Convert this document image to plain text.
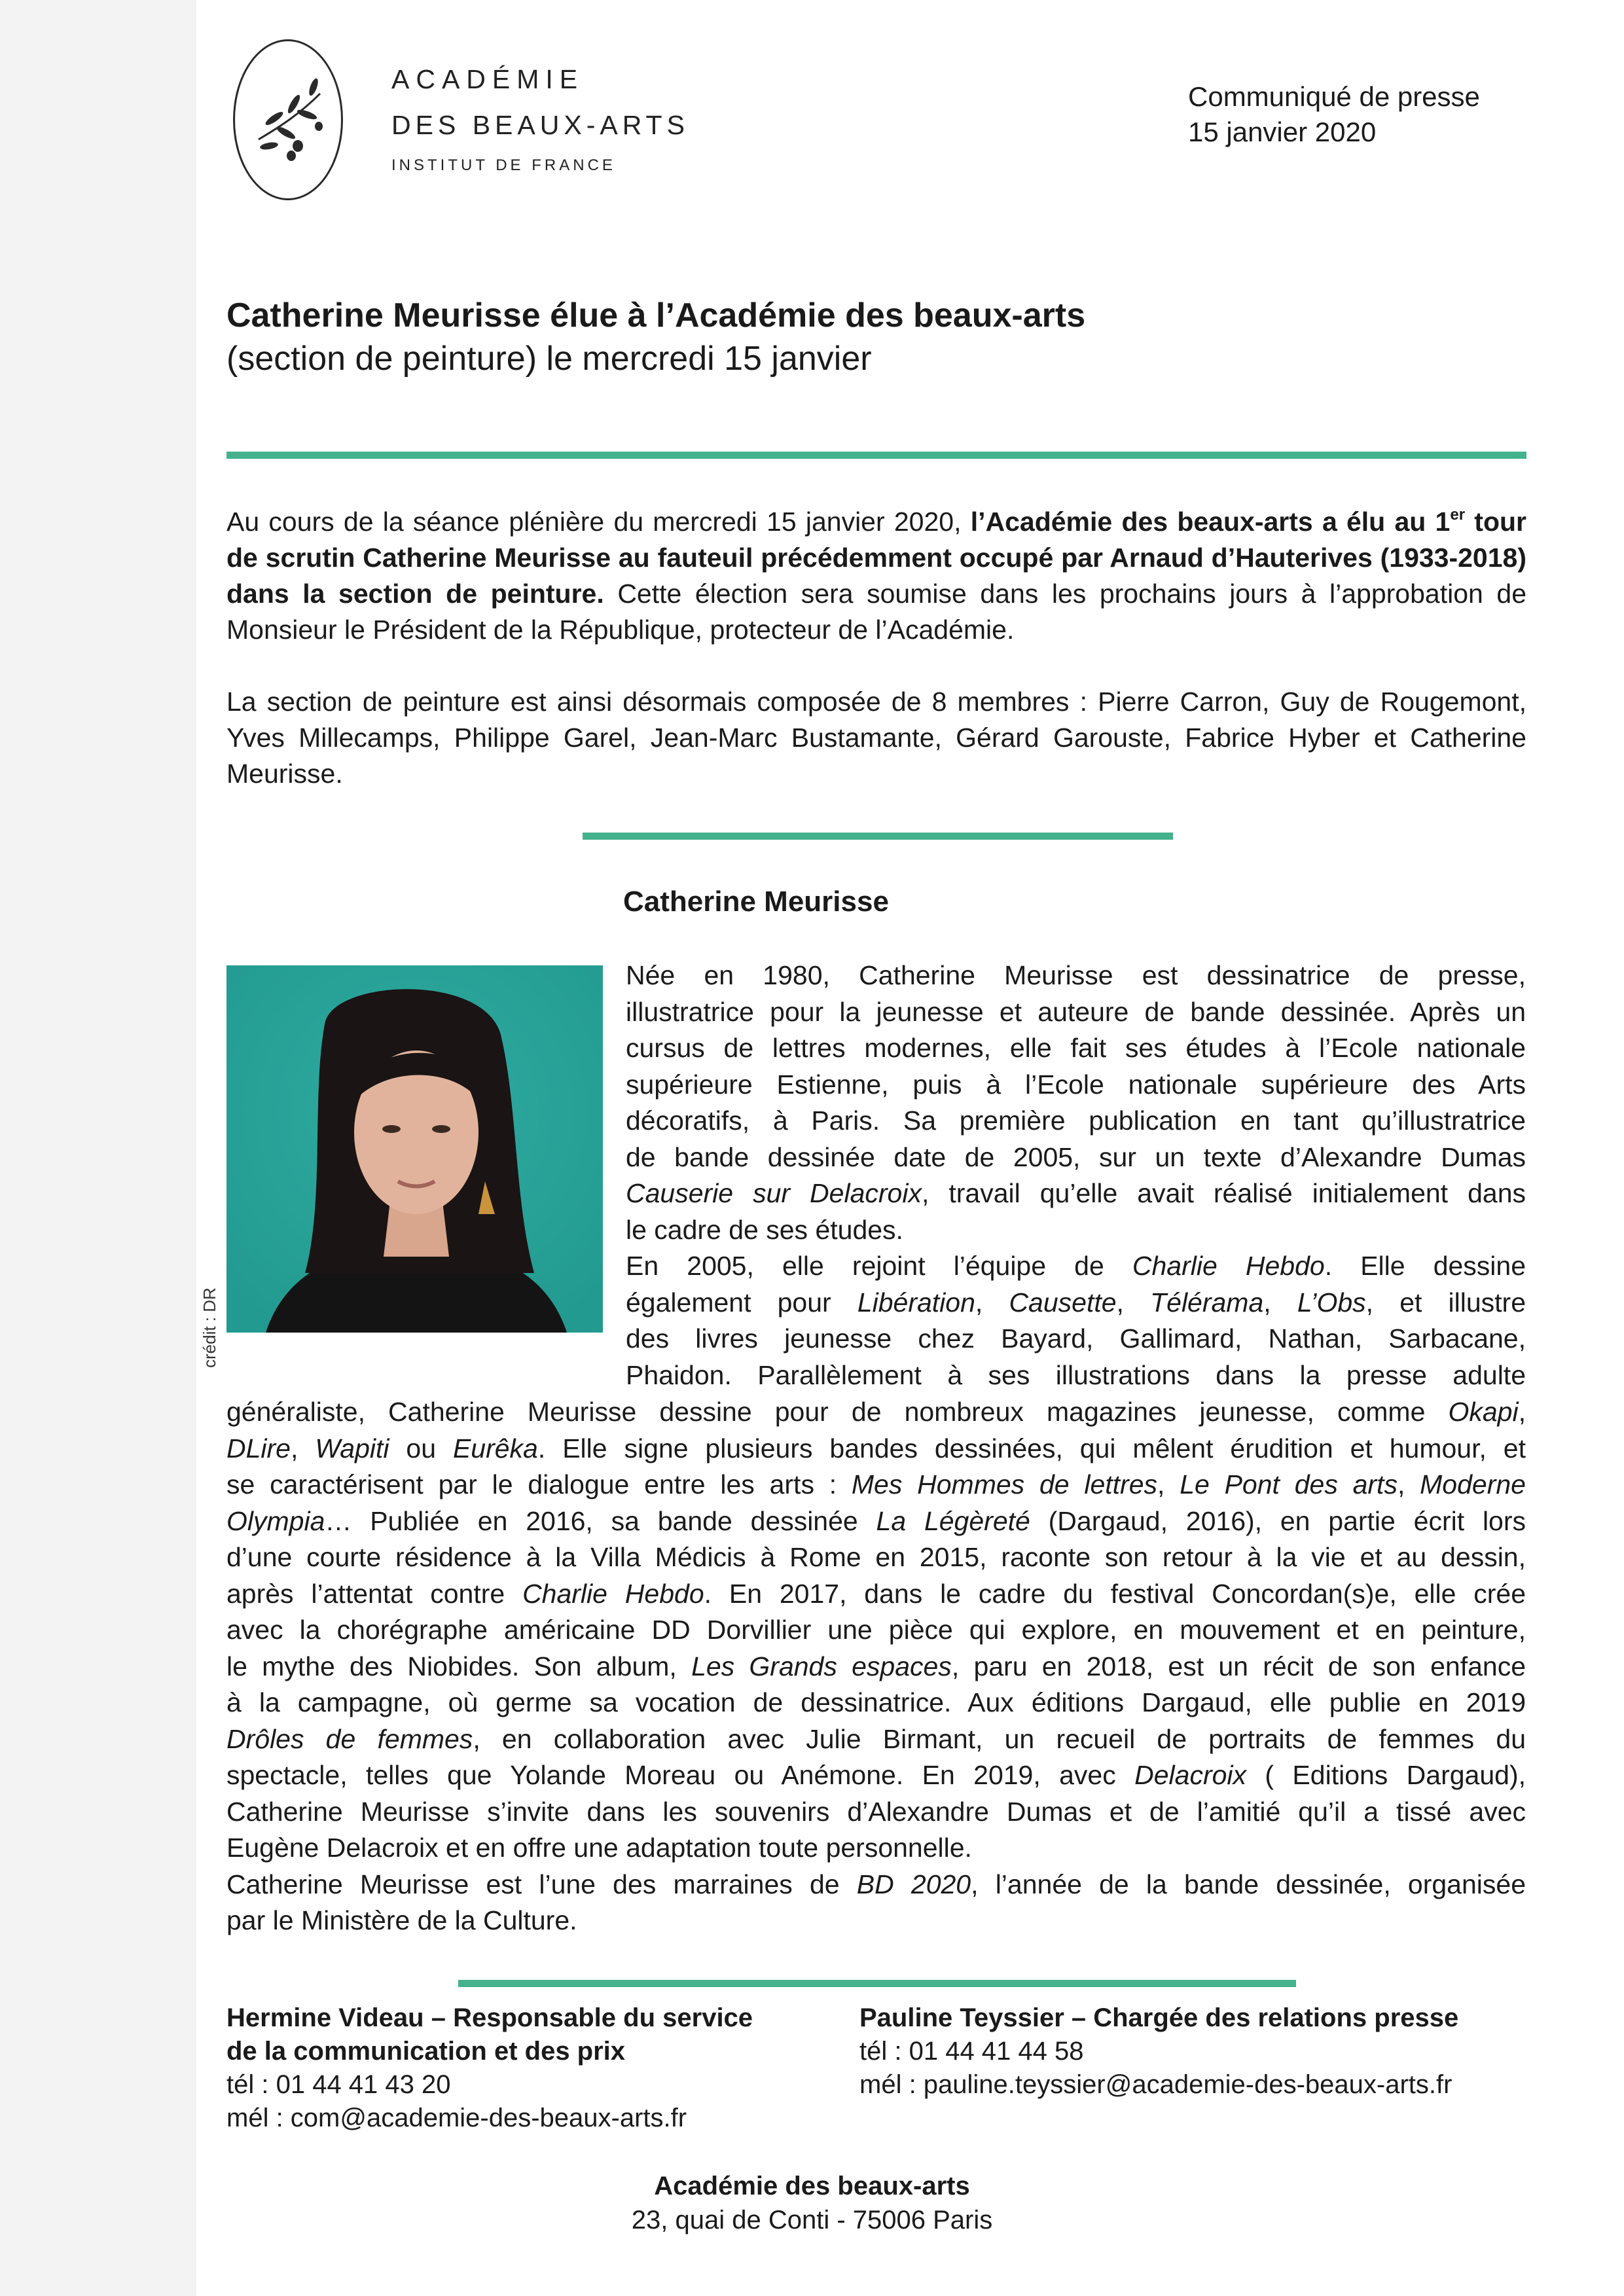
ACADÉMIE
DES BEAUX-ARTS
INSTITUT DE FRANCE
Communiqué de presse
15 janvier 2020
Catherine Meurisse élue à l’Académie des beaux-arts
(section de peinture) le mercredi 15 janvier

Au cours de la séance plénière du mercredi 15 janvier 2020, l’Académie des beaux-arts a élu au 1er tour de scrutin Catherine Meurisse au fauteuil précédemment occupé par Arnaud d’Hauterives (1933-2018) dans la section de peinture. Cette élection sera soumise dans les prochains jours à l’approbation de Monsieur le Président de la République, protecteur de l’Académie.

La section de peinture est ainsi désormais composée de 8 membres : Pierre Carron, Guy de Rougemont, Yves Millecamps, Philippe Garel, Jean-Marc Bustamante, Gérard Garouste, Fabrice Hyber et Catherine Meurisse.

Catherine Meurisse
crédit : DR
Née en 1980, Catherine Meurisse est dessinatrice de presse,
illustratrice pour la jeunesse et auteure de bande dessinée. Après un
cursus de lettres modernes, elle fait ses études à l’Ecole nationale
supérieure Estienne, puis à l’Ecole nationale supérieure des Arts
décoratifs, à Paris. Sa première publication en tant qu’illustratrice
de bande dessinée date de 2005, sur un texte d’Alexandre Dumas
Causerie sur Delacroix, travail qu’elle avait réalisé initialement dans
le cadre de ses études.
En 2005, elle rejoint l’équipe de Charlie Hebdo. Elle dessine
également pour Libération, Causette, Télérama, L’Obs, et illustre
des livres jeunesse chez Bayard, Gallimard, Nathan, Sarbacane,
Phaidon. Parallèlement à ses illustrations dans la presse adulte
généraliste, Catherine Meurisse dessine pour de nombreux magazines jeunesse, comme Okapi,
DLire, Wapiti ou Eurêka. Elle signe plusieurs bandes dessinées, qui mêlent érudition et humour, et
se caractérisent par le dialogue entre les arts : Mes Hommes de lettres, Le Pont des arts, Moderne
Olympia… Publiée en 2016, sa bande dessinée La Légèreté (Dargaud, 2016), en partie écrit lors
d’une courte résidence à la Villa Médicis à Rome en 2015, raconte son retour à la vie et au dessin,
après l’attentat contre Charlie Hebdo. En 2017, dans le cadre du festival Concordan(s)e, elle crée
avec la chorégraphe américaine DD Dorvillier une pièce qui explore, en mouvement et en peinture,
le mythe des Niobides. Son album, Les Grands espaces, paru en 2018, est un récit de son enfance
à la campagne, où germe sa vocation de dessinatrice. Aux éditions Dargaud, elle publie en 2019
Drôles de femmes, en collaboration avec Julie Birmant, un recueil de portraits de femmes du
spectacle, telles que Yolande Moreau ou Anémone. En 2019, avec Delacroix ( Editions Dargaud),
Catherine Meurisse s’invite dans les souvenirs d’Alexandre Dumas et de l’amitié qu’il a tissé avec
Eugène Delacroix et en offre une adaptation toute personnelle.
Catherine Meurisse est l’une des marraines de BD 2020, l’année de la bande dessinée, organisée
par le Ministère de la Culture.
Hermine Videau – Responsable du service
de la communication et des prix
tél : 01 44 41 43 20
mél : com@academie-des-beaux-arts.fr
Pauline Teyssier – Chargée des relations presse
tél : 01 44 41 44 58
mél : pauline.teyssier@academie-des-beaux-arts.fr
Académie des beaux-arts
23, quai de Conti - 75006 Paris
